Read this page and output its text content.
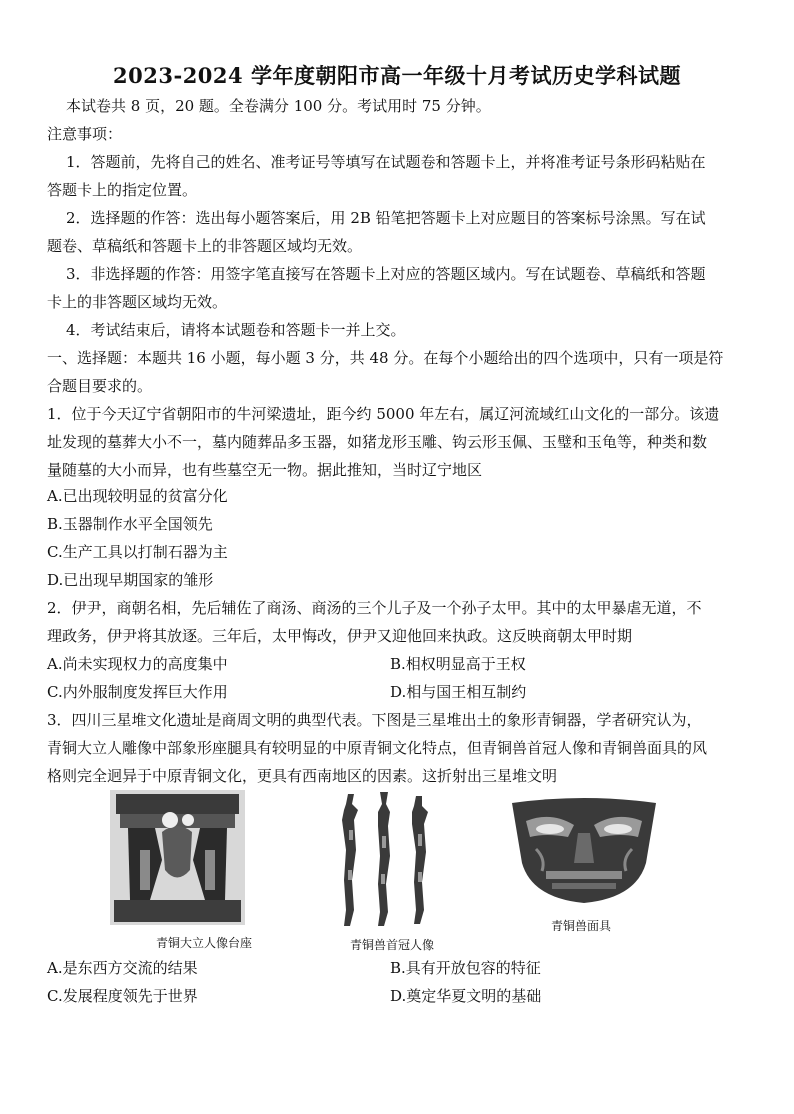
2023-2024 学年度朝阳市高一年级十月考试历史学科试题
本试卷共 8 页，20 题。全卷满分 100 分。考试用时 75 分钟。
注意事项：
1．答题前，先将自己的姓名、准考证号等填写在试题卷和答题卡上，并将准考证号条形码粘贴在
答题卡上的指定位置。
2．选择题的作答：选出每小题答案后，用 2B 铅笔把答题卡上对应题目的答案标号涂黑。写在试
题卷、草稿纸和答题卡上的非答题区域均无效。
3．非选择题的作答：用签字笔直接写在答题卡上对应的答题区域内。写在试题卷、草稿纸和答题
卡上的非答题区域均无效。
4．考试结束后，请将本试题卷和答题卡一并上交。
一、选择题：本题共 16 小题，每小题 3 分，共 48 分。在每个小题给出的四个选项中，只有一项是符
合题目要求的。
1．位于今天辽宁省朝阳市的牛河梁遗址，距今约 5000 年左右，属辽河流域红山文化的一部分。该遗
址发现的墓葬大小不一，墓内随葬品多玉器，如猪龙形玉雕、钩云形玉佩、玉璧和玉龟等，种类和数
量随墓的大小而异，也有些墓空无一物。据此推知，当时辽宁地区
A.已出现较明显的贫富分化
B.玉器制作水平全国领先
C.生产工具以打制石器为主
D.已出现早期国家的雏形
2．伊尹，商朝名相，先后辅佐了商汤、商汤的三个儿子及一个孙子太甲。其中的太甲暴虐无道，不
理政务，伊尹将其放逐。三年后，太甲悔改，伊尹又迎他回来执政。这反映商朝太甲时期
A.尚未实现权力的高度集中	B.相权明显高于王权
C.内外服制度发挥巨大作用	D.相与国王相互制约
3．四川三星堆文化遗址是商周文明的典型代表。下图是三星堆出土的象形青铜器，学者研究认为，
青铜大立人雕像中部象形座腿具有较明显的中原青铜文化特点，但青铜兽首冠人像和青铜兽面具的风
格则完全迥异于中原青铜文化，更具有西南地区的因素。这折射出三星堆文明
青铜大立人像台座	青铜兽首冠人像
青铜兽面具
A.是东西方交流的结果	B.具有开放包容的特征
C.发展程度领先于世界	D.奠定华夏文明的基础
